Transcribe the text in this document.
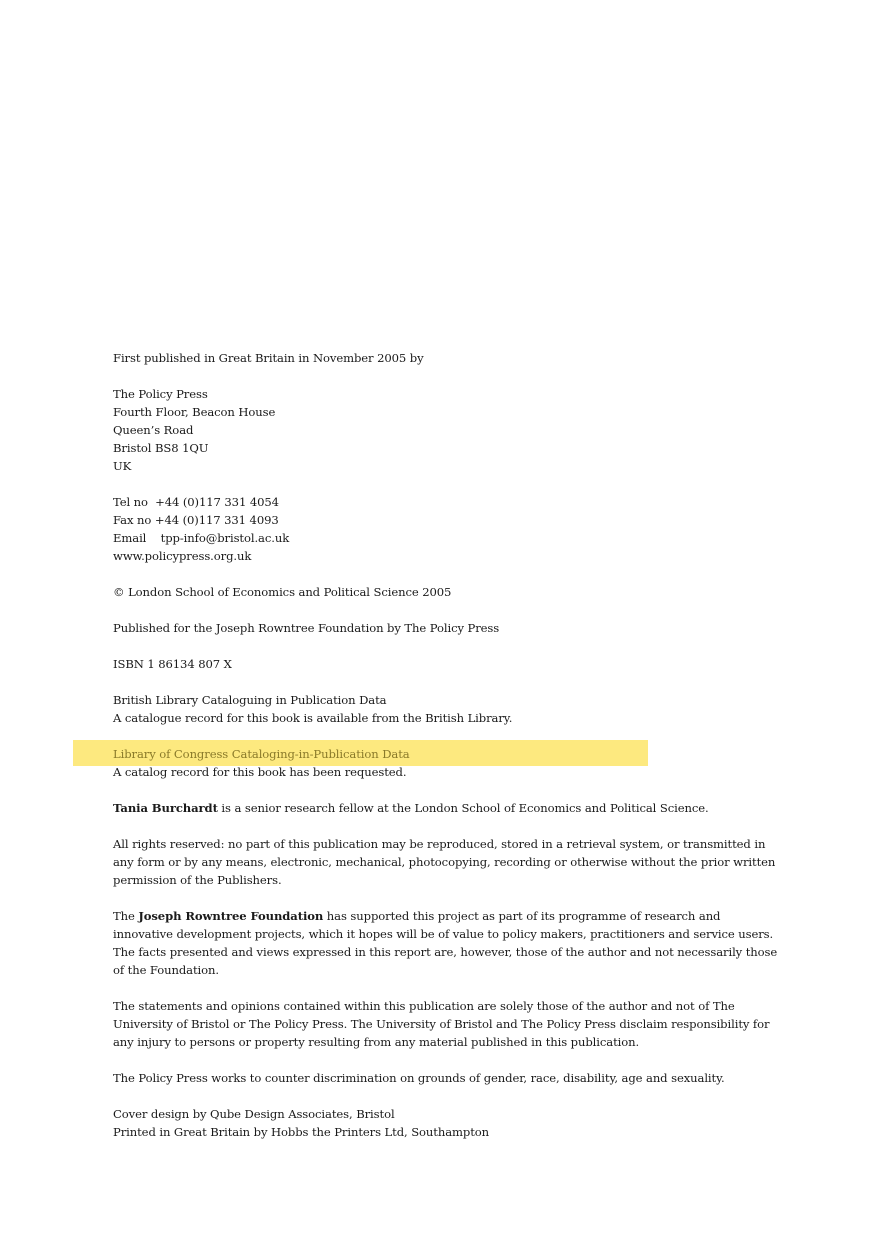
First published in Great Britain in November 2005 by

The Policy Press
Fourth Floor, Beacon House
Queen’s Road
Bristol BS8 1QU
UK
Tel no +44 (0)117 331 4054
Fax no +44 (0)117 331 4093
Email tpp-info@bristol.ac.uk
www.policypress.org.uk

© London School of Economics and Political Science 2005

Published for the Joseph Rowntree Foundation by The Policy Press

ISBN 1 86134 807 X

British Library Cataloguing in Publication Data
A catalogue record for this book is available from the British Library.
Library of Congress Cataloging-in-Publication Data
A catalog record for this book has been requested.

Tania Burchardt is a senior research fellow at the London School of Economics and Political Science.

All rights reserved: no part of this publication may be reproduced, stored in a retrieval system, or transmitted in any form or by any means, electronic, mechanical, photocopying, recording or otherwise without the prior written permission of the Publishers.

The Joseph Rowntree Foundation has supported this project as part of its programme of research and innovative development projects, which it hopes will be of value to policy makers, practitioners and service users. The facts presented and views expressed in this report are, however, those of the author and not necessarily those of the Foundation.

The statements and opinions contained within this publication are solely those of the author and not of The University of Bristol or The Policy Press. The University of Bristol and The Policy Press disclaim responsibility for any injury to persons or property resulting from any material published in this publication.

The Policy Press works to counter discrimination on grounds of gender, race, disability, age and sexuality.

Cover design by Qube Design Associates, Bristol
Printed in Great Britain by Hobbs the Printers Ltd, Southampton
